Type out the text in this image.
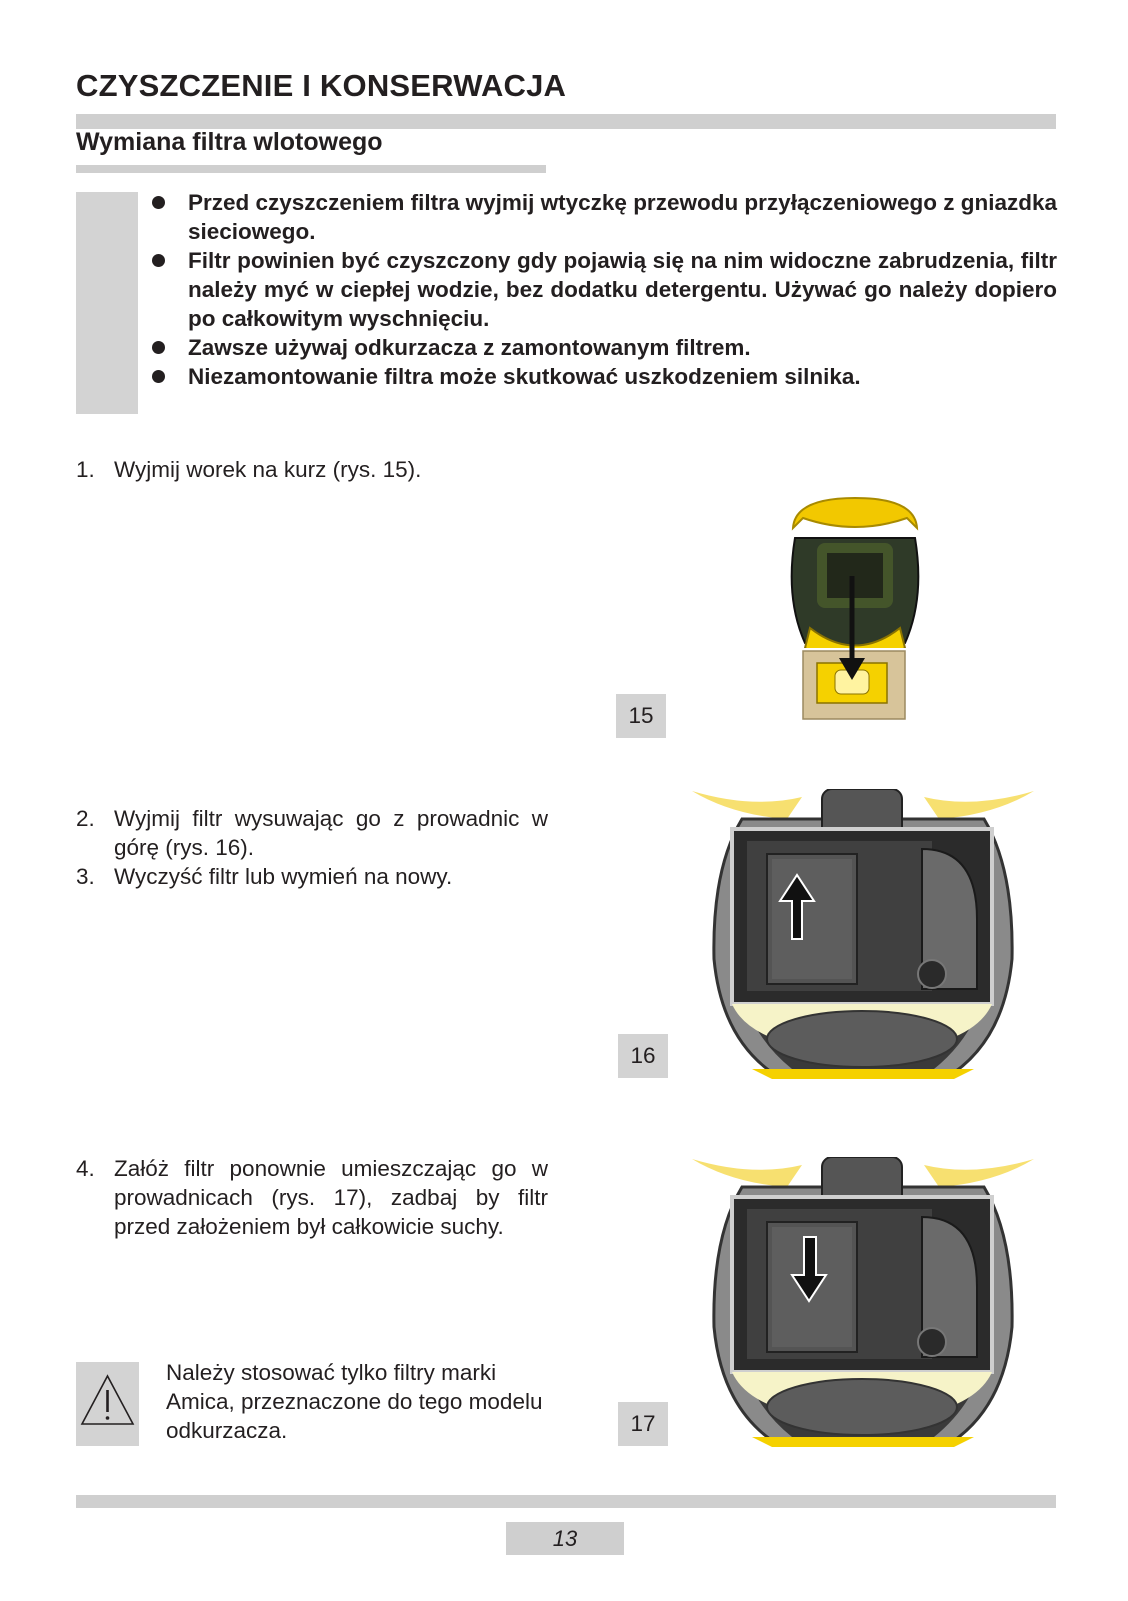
CZYSZCZENIE I KONSERWACJA
Wymiana filtra wlotowego
Przed czyszczeniem filtra wyjmij wtyczkę przewodu przyłączeniowego z gniazdka sieciowego.
Filtr powinien być czyszczony gdy pojawią się na nim widoczne zabrudzenia, filtr należy myć w ciepłej wodzie, bez dodatku detergentu. Używać go należy dopiero po całkowitym wyschnięciu.
Zawsze używaj odkurzacza z zamontowanym filtrem.
Niezamontowanie filtra może skutkować uszkodzeniem silnika.
1. Wyjmij worek na kurz (rys. 15).
15
2. Wyjmij filtr wysuwając go z prowadnic w górę (rys. 16).
3. Wyczyść filtr lub wymień na nowy.
16
4. Załóż filtr ponownie umieszczając go w prowadnicach (rys. 17), zadbaj by filtr przed założeniem był całkowicie suchy.
17
Należy stosować tylko filtry marki Amica, przeznaczone do tego modelu odkurzacza.
13
